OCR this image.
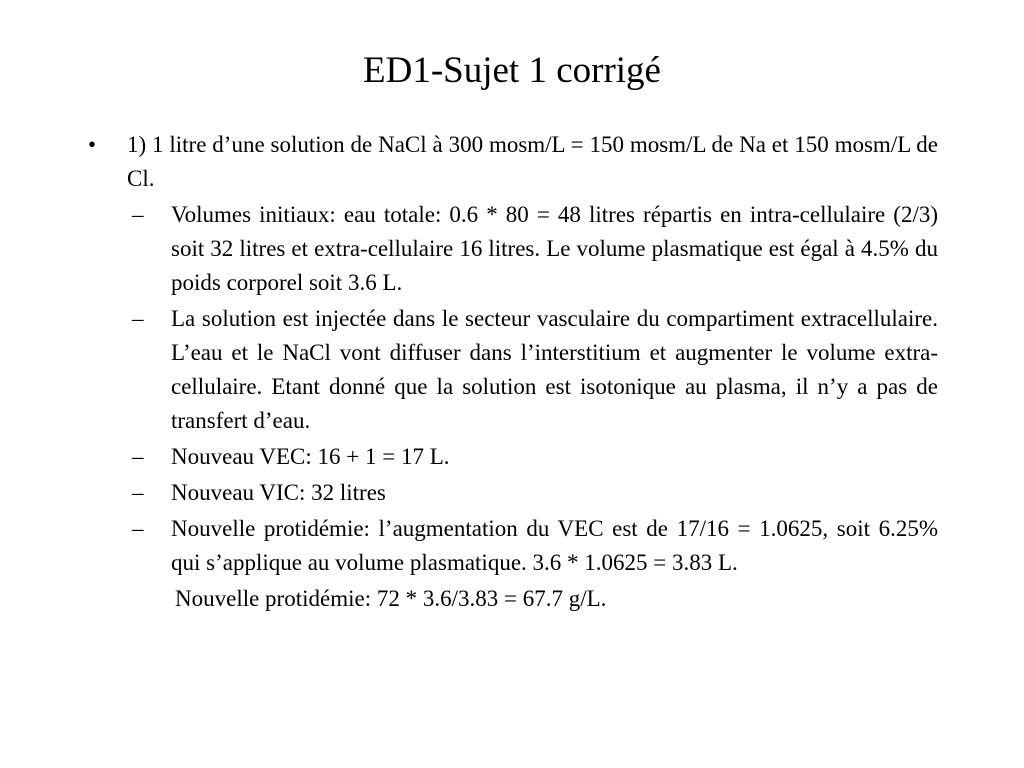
ED1-Sujet 1 corrigé
• 1) 1 litre d’une solution de NaCl à 300 mosm/L = 150 mosm/L de Na et 150 mosm/L de Cl.
– Volumes initiaux: eau totale: 0.6 * 80 = 48 litres répartis en intra-cellulaire (2/3) soit 32 litres et extra-cellulaire 16 litres. Le volume plasmatique est égal à 4.5% du poids corporel soit 3.6 L.
– La solution est injectée dans le secteur vasculaire du compartiment extracellulaire. L’eau et le NaCl vont diffuser dans l’interstitium et augmenter le volume extra-cellulaire. Etant donné que la solution est isotonique au plasma, il n’y a pas de transfert d’eau.
– Nouveau VEC: 16 + 1 = 17 L.
– Nouveau VIC: 32 litres
– Nouvelle protidémie: l’augmentation du VEC est de 17/16 = 1.0625, soit 6.25% qui s’applique au volume plasmatique. 3.6 * 1.0625 = 3.83 L.
Nouvelle protidémie: 72 * 3.6/3.83 = 67.7 g/L.
